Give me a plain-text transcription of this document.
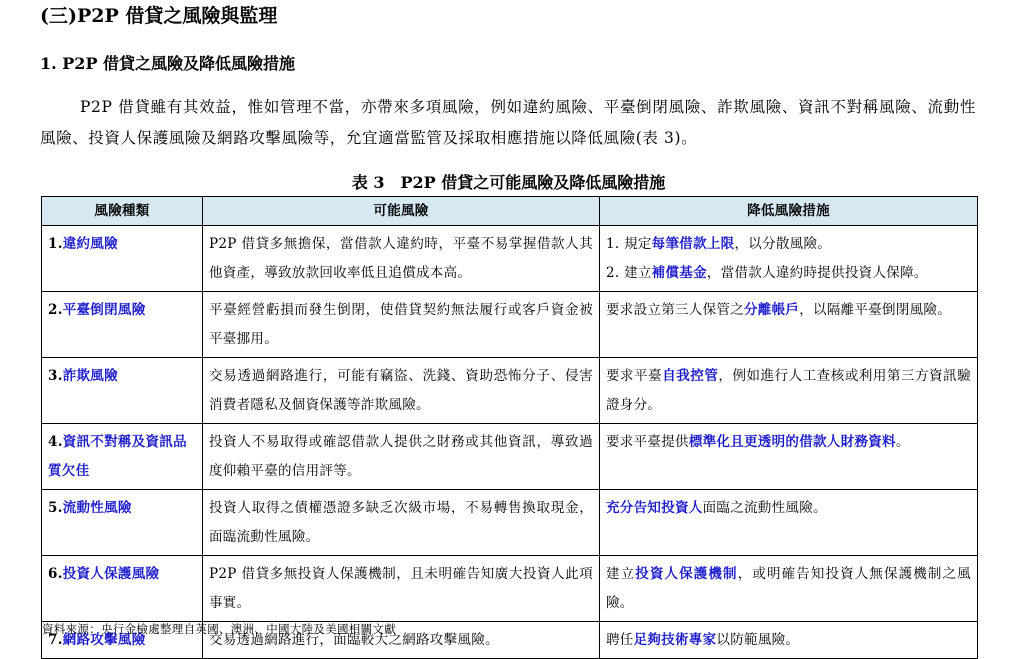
(三)P2P 借貸之風險與監理
1. P2P 借貸之風險及降低風險措施
P2P 借貸雖有其效益，惟如管理不當，亦帶來多項風險，例如違約風險、平臺倒閉風險、詐欺風險、資訊不對稱風險、流動性風險、投資人保護風險及網路攻擊風險等，允宜適當監管及採取相應措施以降低風險(表 3)。
表 3　P2P 借貸之可能風險及降低風險措施
風險種類	可能風險	降低風險措施
1.違約風險	P2P 借貸多無擔保，當借款人違約時，平臺不易掌握借款人其他資產，導致放款回收率低且追償成本高。	1. 規定每筆借款上限，以分散風險。
2. 建立補償基金，當借款人違約時提供投資人保障。

2.平臺倒閉風險	平臺經營虧損而發生倒閉，使借貸契約無法履行或客戶資金被平臺挪用。	要求設立第三人保管之分離帳戶，以隔離平臺倒閉風險。

3.詐欺風險	交易透過網路進行，可能有竊盜、洗錢、資助恐怖分子、侵害消費者隱私及個資保護等詐欺風險。	要求平臺自我控管，例如進行人工查核或利用第三方資訊驗證身分。

4.資訊不對稱及資訊品質欠佳	投資人不易取得或確認借款人提供之財務或其他資訊，導致過度仰賴平臺的信用評等。	要求平臺提供標準化且更透明的借款人財務資料。

5.流動性風險	投資人取得之債權憑證多缺乏次級市場，不易轉售換取現金，面臨流動性風險。	充分告知投資人面臨之流動性風險。

6.投資人保護風險	P2P 借貸多無投資人保護機制，且未明確告知廣大投資人此項事實。	建立投資人保護機制，或明確告知投資人無保護機制之風險。

7.網路攻擊風險	交易透過網路進行，面臨較大之網路攻擊風險。	聘任足夠技術專家以防範風險。
資料來源：央行金檢處整理自英國、澳洲、中國大陸及美國相關文獻
